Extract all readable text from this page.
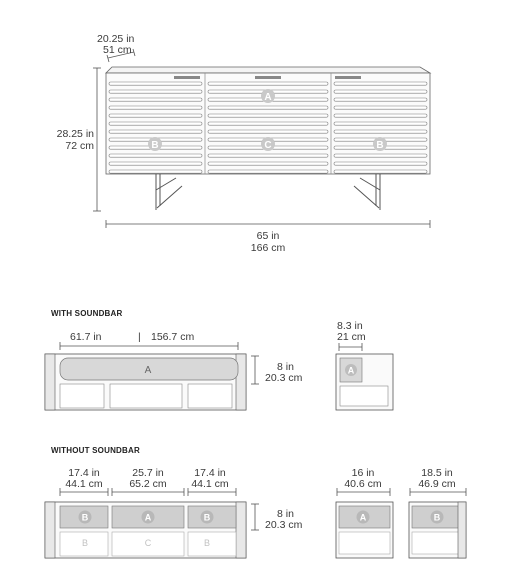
A
B	C	B
A	A
B	A	B
B	C	B
A	B
20.25 in
51 cm
28.25 in
72 cm
65 in
166 cm
WITH SOUNDBAR
61.7 in	| 156.7 cm
8 in
20.3 cm
8.3 in
21 cm
WITHOUT SOUNDBAR
17.4 in
44.1 cm
25.7 in
65.2 cm
17.4 in
44.1 cm
8 in
20.3 cm
16 in
40.6 cm
18.5 in
46.9 cm
